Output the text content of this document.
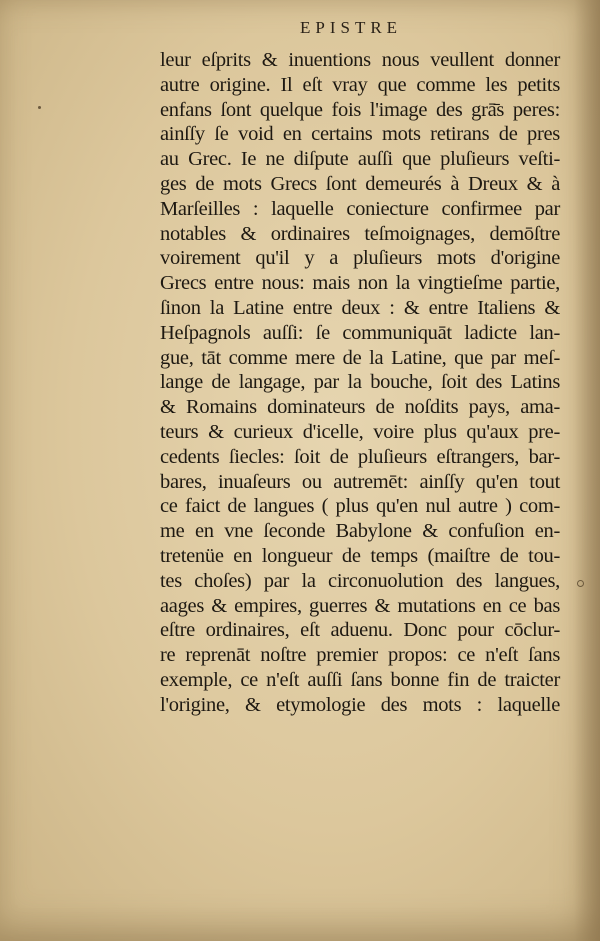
EPISTRE
leur eſprits & inuentions nous veullent donner
autre origine. Il eſt vray que comme les petits
enfans ſont quelque fois l'image des grā̄s peres:
ainſſy ſe void en certains mots retirans de pres
au Grec. Ie ne diſpute auſſi que pluſieurs veſti-
ges de mots Grecs ſont demeurés à Dreux & à
Marſeilles : laquelle coniecture confirmee par
notables & ordinaires teſmoignages, demōſtre
voirement qu'il y a pluſieurs mots d'origine
Grecs entre nous: mais non la vingtieſme partie,
ſinon la Latine entre deux : & entre Italiens &
Heſpagnols auſſi: ſe communiquāt ladicte lan-
gue, tāt comme mere de la Latine, que par meſ-
lange de langage, par la bouche, ſoit des Latins
& Romains dominateurs de noſdits pays, ama-
teurs & curieux d'icelle, voire plus qu'aux pre-
cedents ſiecles: ſoit de pluſieurs eſtrangers, bar-
bares, inuaſeurs ou autremēt: ainſſy qu'en tout
ce faict de langues ( plus qu'en nul autre ) com-
me en vne ſeconde Babylone & confuſion en-
tretenüe en longueur de temps (maiſtre de tou-
tes choſes) par la circonuolution des langues,
aages & empires, guerres & mutations en ce bas
eſtre ordinaires, eſt aduenu. Donc pour cōclur-
re reprenāt noſtre premier propos: ce n'eſt ſans
exemple, ce n'eſt auſſi ſans bonne fin de traicter
l'origine, & etymologie des mots : laquelle
